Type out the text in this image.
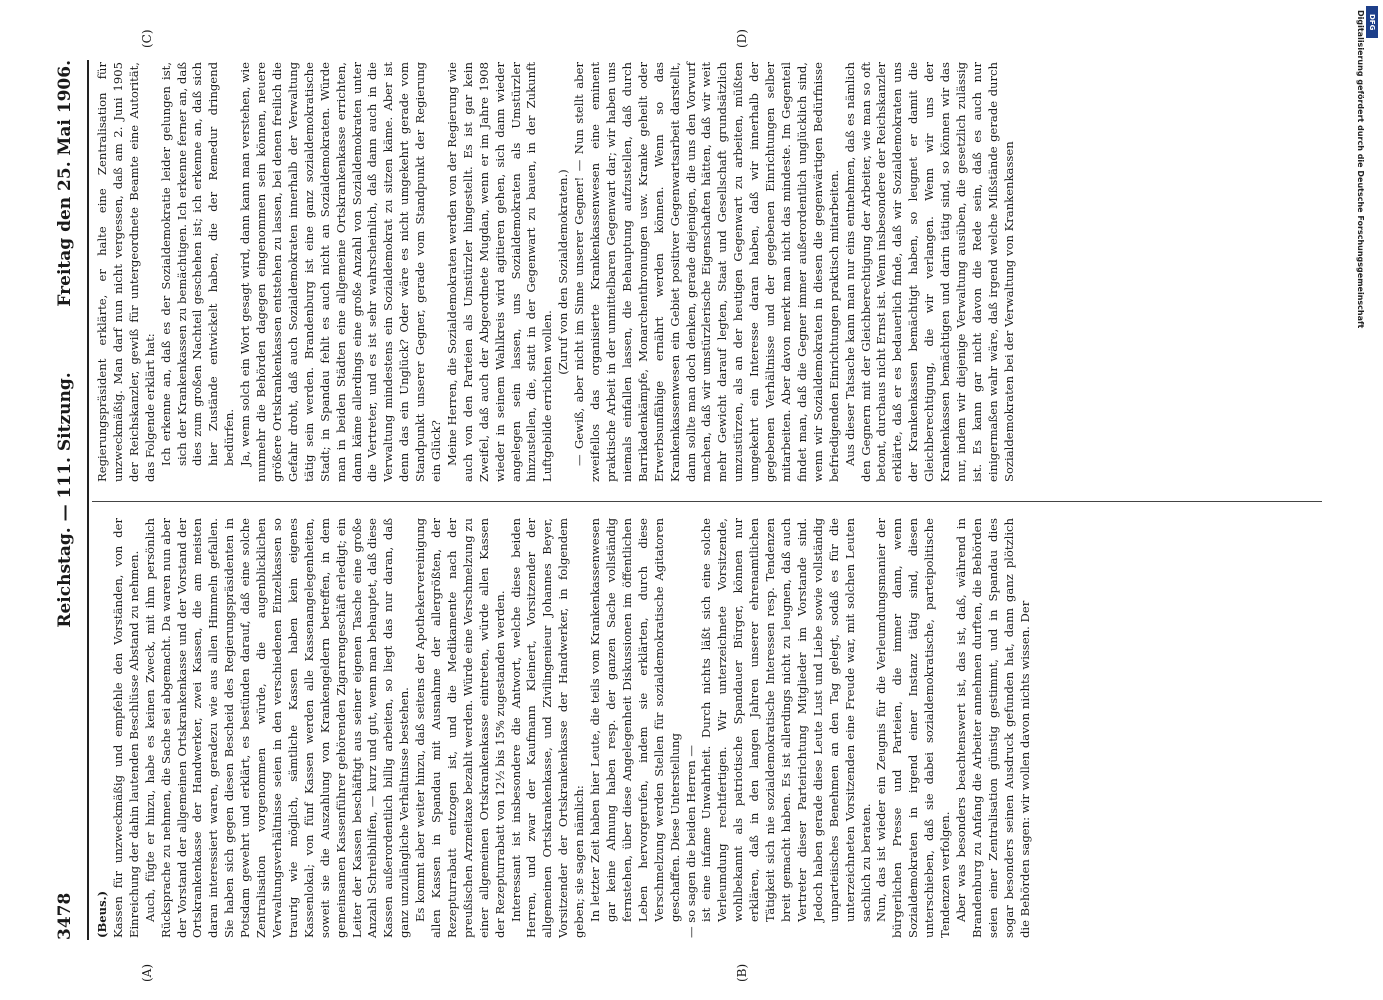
3478
Reichstag. — 111. Sitzung.
Freitag den 25. Mai 1906.
(A)	(B)
(C)	(D)

(Beus.) Kassen für unzweckmäßig und empfehle den Vorständen, von der Einreichung der dahin lautenden Beschlüsse Abstand zu nehmen. Auch, fügte er hinzu, habe es keinen Zweck, mit ihm persönlich Rücksprache zu nehmen, die Sache sei abgemacht. Da waren nun aber der Vorstand der allgemeinen Ortskrankenkasse und der Vorstand der Ortskrankenkasse der Handwerker, zwei Kassen, die am meisten daran interessiert waren, geradezu wie aus allen Himmeln gefallen. Sie haben sich gegen diesen Bescheid des Regierungspräsidenten in Potsdam gewehrt und erklärt, es bestünden darauf, daß eine solche Zentralisation vorgenommen würde, die augenblicklichen Verwaltungsverhältnisse seien in den verschiedenen Einzelkassen so traurig wie möglich, sämtliche Kassen haben kein eigenes Kassenlokal; von fünf Kassen werden alle Kassenangelegenheiten, soweit sie die Auszahlung von Krankengeldern betreffen, in dem gemeinsamen Kassenführer gehörenden Zigarrengeschäft erledigt; ein Leiter der Kassen beschäftigt aus seiner eigenen Tasche eine große Anzahl Schreibhilfen, — kurz und gut, wenn man behauptet, daß diese Kassen außerordentlich billig arbeiten, so liegt das nur daran, daß ganz unzulängliche Verhältnisse bestehen. Es kommt aber weiter hinzu, daß seitens der Apothekervereinigung allen Kassen in Spandau mit Ausnahme der allergrößten, der Rezepturrabatt entzogen ist, und die Medikamente nach der preußischen Arzneitaxe bezahlt werden. Würde eine Verschmelzung zu einer allgemeinen Ortskrankenkasse eintreten, würde allen Kassen der Rezepturrabatt von 12½ bis 15% zugestanden werden. Interessant ist insbesondere die Antwort, welche diese beiden Herren, und zwar der Kaufmann Kleinert, Vorsitzender der allgemeinen Ortskrankenkasse, und Zivilingenieur Johannes Beyer, Vorsitzender der Ortskrankenkasse der Handwerker, in folgendem geben; sie sagen nämlich: In letzter Zeit haben hier Leute, die teils vom Krankenkassenwesen gar keine Ahnung haben resp. der ganzen Sache vollständig fernstehen, über diese Angelegenheit Diskussionen im öffentlichen Leben hervorgerufen, indem sie erklärten, durch diese Verschmelzung werden Stellen für sozialdemokratische Agitatoren geschaffen. Diese Unterstellung — so sagen die beiden Herren — ist eine infame Unwahrheit. Durch nichts läßt sich eine solche Verleumdung rechtfertigen. Wir unterzeichnete Vorsitzende, wohlbekannt als patriotische Spandauer Bürger, können nur erklären, daß in den langen Jahren unserer ehrenamtlichen Tätigkeit sich nie sozialdemokratische Interessen resp. Tendenzen breit gemacht haben. Es ist allerdings nicht zu leugnen, daß auch Vertreter dieser Parteirichtung Mitglieder im Vorstande sind. Jedoch haben gerade diese Leute Lust und Liebe sowie vollständig unparteiisches Benehmen an den Tag gelegt, sodaß es für die unterzeichneten Vorsitzenden eine Freude war, mit solchen Leuten sachlich zu beraten. Nun, das ist wieder ein Zeugnis für die Verleumdungsmanier der bürgerlichen Presse und Parteien, die immer dann, wenn Sozialdemokraten in irgend einer Instanz tätig sind, diesen unterschieben, daß sie dabei sozialdemokratische, parteipolitische Tendenzen verfolgen. Aber was besonders beachtenswert ist, das ist, daß, während in Brandenburg zu Anfang die Arbeiter annehmen durften, die Behörden seien einer Zentralisation günstig gestimmt, und in Spandau dies sogar besonders seinen Ausdruck gefunden hat, dann ganz plötzlich die Behörden sagen: wir wollen davon nichts wissen. Der

Regierungspräsident erklärte, er halte eine Zentralisation für unzweckmäßig. Man darf nun nicht vergessen, daß am 2. Juni 1905 der Reichskanzler, gewiß für untergeordnete Beamte eine Autorität, das Folgende erklärt hat: Ich erkenne an, daß es der Sozialdemokratie leider gelungen ist, sich der Krankenkassen zu bemächtigen. Ich erkenne ferner an, daß dies zum großen Nachteil geschehen ist; ich erkenne an, daß sich hier Zustände entwickelt haben, die der Remedur dringend bedürfen. Ja, wenn solch ein Wort gesagt wird, dann kann man verstehen, wie nunmehr die Behörden dagegen eingenommen sein können, neuere größere Ortskrankenkassen entstehen zu lassen, bei denen freilich die Gefahr droht, daß auch Sozialdemokraten innerhalb der Verwaltung tätig sein werden. Brandenburg ist eine ganz sozialdemokratische Stadt; in Spandau fehlt es auch nicht an Sozialdemokraten. Würde man in beiden Städten eine allgemeine Ortskrankenkasse errichten, dann käme allerdings eine große Anzahl von Sozialdemokraten unter die Vertreter, und es ist sehr wahrscheinlich, daß dann auch in die Verwaltung mindestens ein Sozialdemokrat zu sitzen käme. Aber ist denn das ein Unglück? Oder wäre es nicht umgekehrt gerade vom Standpunkt unserer Gegner, gerade vom Standpunkt der Regierung ein Glück? Meine Herren, die Sozialdemokraten werden von der Regierung wie auch von den Parteien als Umstürzler hingestellt. Es ist gar kein Zweifel, daß auch der Abgeordnete Mugdan, wenn er im Jahre 1908 wieder in seinem Wahlkreis wird agitieren gehen, sich dann wieder angelegen sein lassen, uns Sozialdemokraten als Umstürzler hinzustellen, die, statt in der Gegenwart zu bauen, in der Zukunft Luftgebilde errichten wollen.

(Zuruf von den Sozialdemokraten.) — Gewiß, aber nicht im Sinne unserer Gegner! — Nun stellt aber zweifellos das organisierte Krankenkassenwesen eine eminent praktische Arbeit in der unmittelbaren Gegenwart dar; wir haben uns niemals einfallen lassen, die Behauptung aufzustellen, daß durch Barrikadenkämpfe, Monarchenthronungen usw. Kranke geheilt oder Erwerbsunfähige ernährt werden können. Wenn so das Krankenkassenwesen ein Gebiet positiver Gegenwartsarbeit darstellt, dann sollte man doch denken, gerade diejenigen, die uns den Vorwurf machen, daß wir umstürzlerische Eigenschaften hätten, daß wir weit mehr Gewicht darauf legten, Staat und Gesellschaft grundsätzlich umzustürzen, als an der heutigen Gegenwart zu arbeiten, müßten umgekehrt ein Interesse daran haben, daß wir innerhalb der gegebenen Verhältnisse und der gegebenen Einrichtungen selber mitarbeiten. Aber davon merkt man nicht das mindeste. Im Gegenteil findet man, daß die Gegner immer außerordentlich unglücklich sind, wenn wir Sozialdemokraten in diesen die gegenwärtigen Bedürfnisse befriedigenden Einrichtungen praktisch mitarbeiten. Aus dieser Tatsache kann man nur eins entnehmen, daß es nämlich den Gegnern mit der Gleichberechtigung der Arbeiter, wie man so oft betont, durchaus nicht Ernst ist. Wenn insbesondere der Reichskanzler erklärte, daß er es bedauerlich finde, daß wir Sozialdemokraten uns der Krankenkassen bemächtigt haben, so leugnet er damit die Gleichberechtigung, die wir verlangen. Wenn wir uns der Krankenkassen bemächtigen und darin tätig sind, so können wir das nur, indem wir diejenige Verwaltung ausüben, die gesetzlich zulässig ist. Es kann gar nicht davon die Rede sein, daß es auch nur einigermaßen wahr wäre, daß irgend welche Mißstände gerade durch Sozialdemokraten bei der Verwaltung von Krankenkassen	Digitalisierung gefördert durch die Deutsche Forschungsgemeinschaft DFG
